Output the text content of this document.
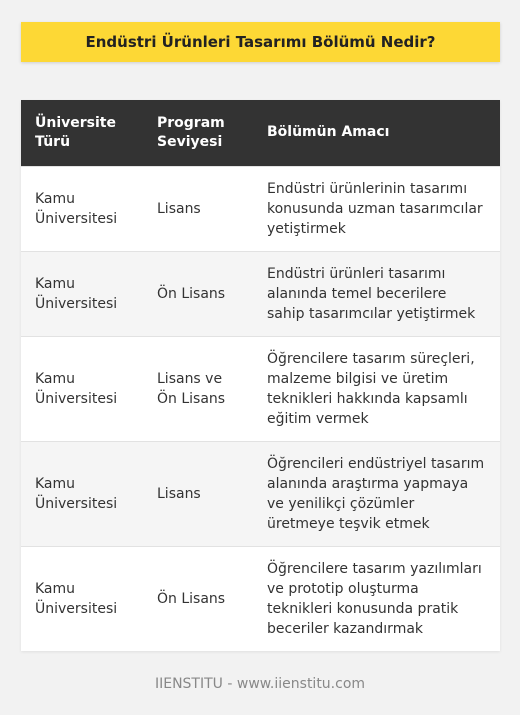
Endüstri Ürünleri Tasarımı Bölümü Nedir?
Üniversite Türü	Program Seviyesi	Bölümün Amacı
Kamu Üniversitesi	Lisans	Endüstri ürünlerinin tasarımı konusunda uzman tasarımcılar yetiştirmek
Kamu Üniversitesi	Ön Lisans	Endüstri ürünleri tasarımı alanında temel becerilere sahip tasarımcılar yetiştirmek
Kamu Üniversitesi	Lisans ve Ön Lisans	Öğrencilere tasarım süreçleri, malzeme bilgisi ve üretim teknikleri hakkında kapsamlı eğitim vermek
Kamu Üniversitesi	Lisans	Öğrencileri endüstriyel tasarım alanında araştırma yapmaya ve yenilikçi çözümler üretmeye teşvik etmek
Kamu Üniversitesi	Ön Lisans	Öğrencilere tasarım yazılımları ve prototip oluşturma teknikleri konusunda pratik beceriler kazandırmak
IIENSTITU - www.iienstitu.com
